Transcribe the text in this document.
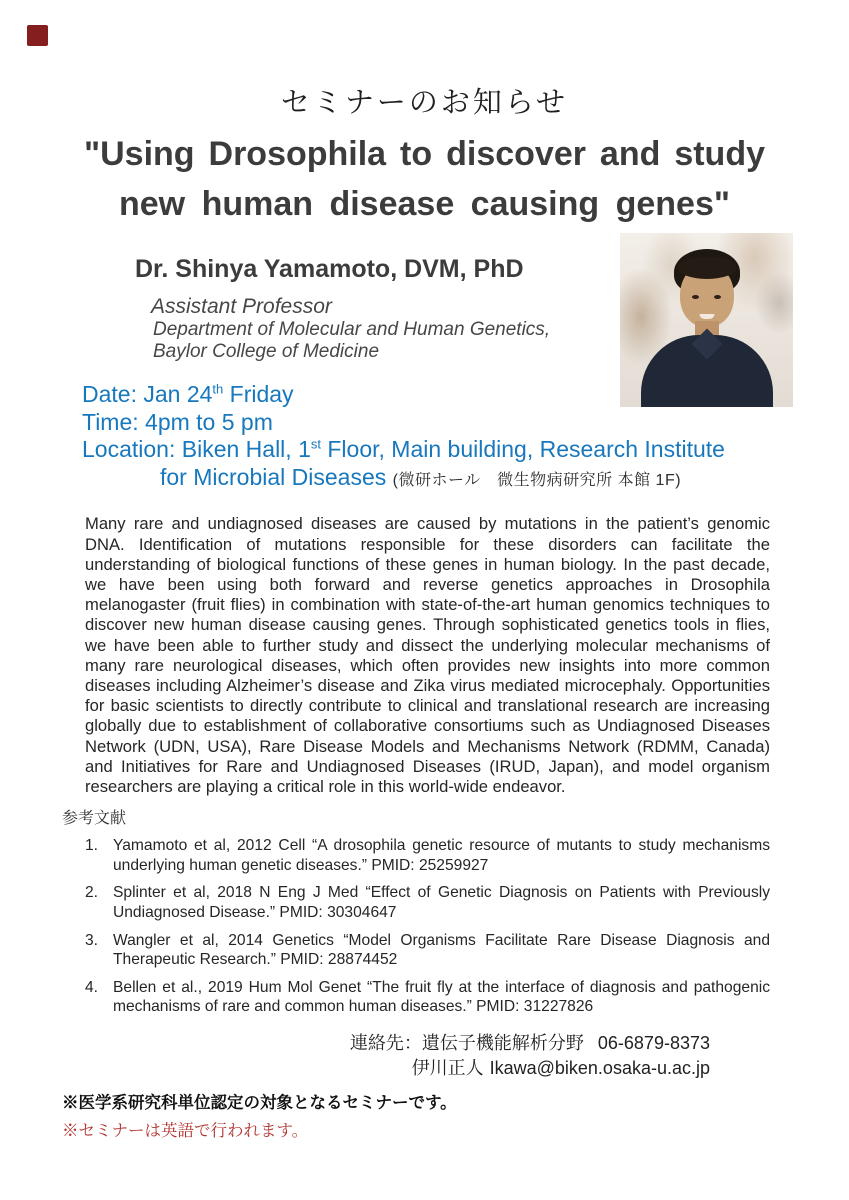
セミナーのお知らせ
"Using Drosophila to discover and study
new human disease causing genes"
Dr. Shinya Yamamoto, DVM, PhD
Assistant Professor
Department of Molecular and Human Genetics,
Baylor College of Medicine
Date: Jan 24th Friday
Time: 4pm to 5 pm
Location: Biken Hall, 1st Floor, Main building, Research Institute
for Microbial Diseases (微研ホール　微生物病研究所 本館 1F)
Many rare and undiagnosed diseases are caused by mutations in the patient’s genomic DNA. Identification of mutations responsible for these disorders can facilitate the understanding of biological functions of these genes in human biology. In the past decade, we have been using both forward and reverse genetics approaches in Drosophila melanogaster (fruit flies) in combination with state-of-the-art human genomics techniques to discover new human disease causing genes. Through sophisticated genetics tools in flies, we have been able to further study and dissect the underlying molecular mechanisms of many rare neurological diseases, which often provides new insights into more common diseases including Alzheimer’s disease and Zika virus mediated microcephaly. Opportunities for basic scientists to directly contribute to clinical and translational research are increasing globally due to establishment of collaborative consortiums such as Undiagnosed Diseases Network (UDN, USA), Rare Disease Models and Mechanisms Network (RDMM, Canada) and Initiatives for Rare and Undiagnosed Diseases (IRUD, Japan), and model organism researchers are playing a critical role in this world-wide endeavor.
参考文献
1. Yamamoto et al, 2012 Cell “A drosophila genetic resource of mutants to study mechanisms underlying human genetic diseases.” PMID: 25259927
2. Splinter et al, 2018 N Eng J Med “Effect of Genetic Diagnosis on Patients with Previously Undiagnosed Disease.” PMID: 30304647
3. Wangler et al, 2014 Genetics “Model Organisms Facilitate Rare Disease Diagnosis and Therapeutic Research.” PMID: 28874452
4. Bellen et al., 2019 Hum Mol Genet “The fruit fly at the interface of diagnosis and pathogenic mechanisms of rare and common human diseases.” PMID: 31227826
連絡先：遺伝子機能解析分野 06-6879-8373
伊川正人 Ikawa@biken.osaka-u.ac.jp
※医学系研究科単位認定の対象となるセミナーです。
※セミナーは英語で行われます。
